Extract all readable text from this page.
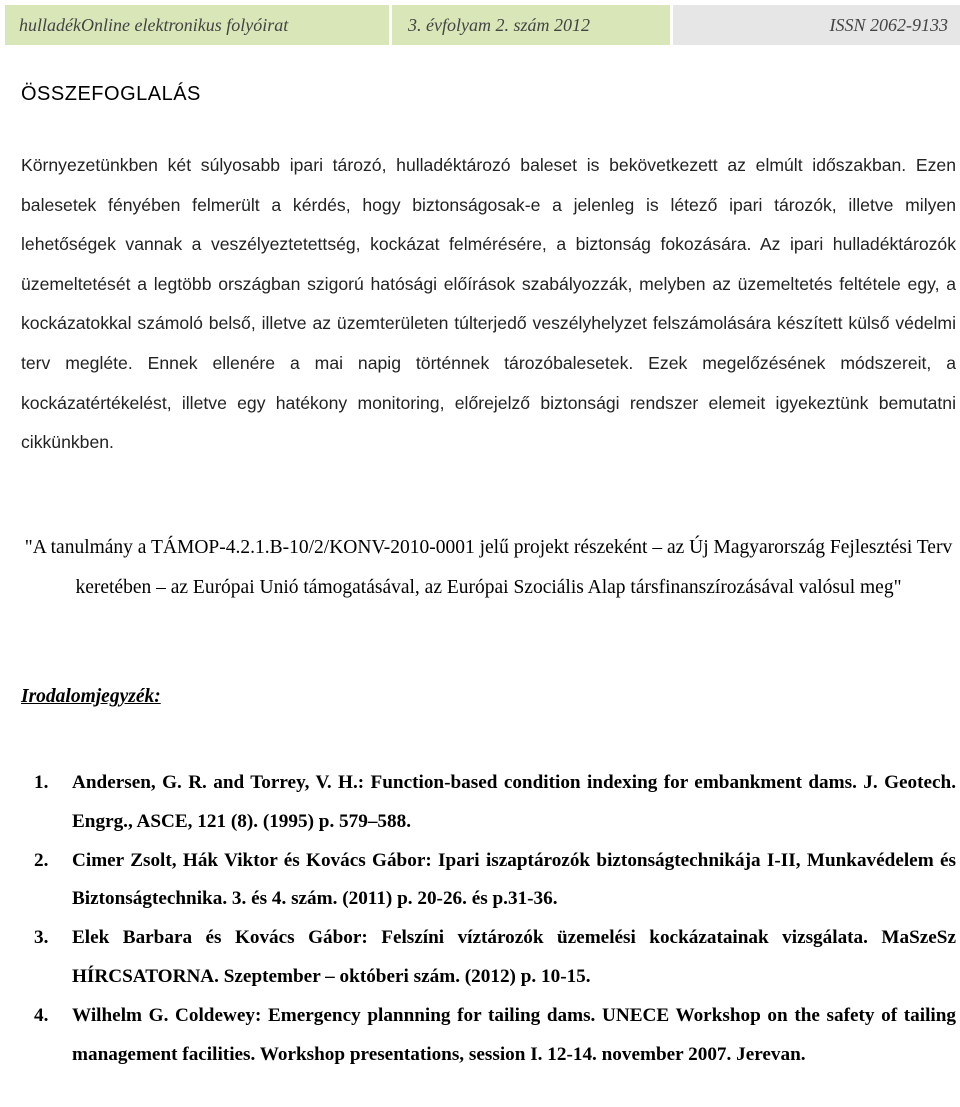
hulladékOnline elektronikus folyóirat	3. évfolyam 2. szám 2012	ISSN 2062-9133
ÖSSZEFOGLALÁS
Környezetünkben két súlyosabb ipari tározó, hulladéktározó baleset is bekövetkezett az elmúlt időszakban. Ezen balesetek fényében felmerült a kérdés, hogy biztonságosak-e a jelenleg is létező ipari tározók, illetve milyen lehetőségek vannak a veszélyeztetettség, kockázat felmérésére, a biztonság fokozására. Az ipari hulladéktározók üzemeltetését a legtöbb országban szigorú hatósági előírások szabályozzák, melyben az üzemeltetés feltétele egy, a kockázatokkal számoló belső, illetve az üzemterületen túlterjedő veszélyhelyzet felszámolására készített külső védelmi terv megléte. Ennek ellenére a mai napig történnek tározóbalesetek. Ezek megelőzésének módszereit, a kockázatértékelést, illetve egy hatékony monitoring, előrejelző biztonsági rendszer elemeit igyekeztünk bemutatni cikkünkben.
"A tanulmány a TÁMOP-4.2.1.B-10/2/KONV-2010-0001 jelű projekt részeként – az Új Magyarország Fejlesztési Terv keretében – az Európai Unió támogatásával, az Európai Szociális Alap társfinanszírozásával valósul meg"
Irodalomjegyzék:
1. Andersen, G. R. and Torrey, V. H.: Function-based condition indexing for embankment dams. J. Geotech. Engrg., ASCE, 121 (8). (1995) p. 579–588.
2. Cimer Zsolt, Hák Viktor és Kovács Gábor: Ipari iszaptározók biztonságtechnikája I-II, Munkavédelem és Biztonságtechnika. 3. és 4. szám. (2011) p. 20-26. és p.31-36.
3. Elek Barbara és Kovács Gábor: Felszíni víztározók üzemelési kockázatainak vizsgálata. MaSzeSz HÍRCSATORNA. Szeptember – októberi szám. (2012) p. 10-15.
4. Wilhelm G. Coldewey: Emergency plannning for tailing dams. UNECE Workshop on the safety of tailing management facilities. Workshop presentations, session I. 12-14. november 2007. Jerevan.
